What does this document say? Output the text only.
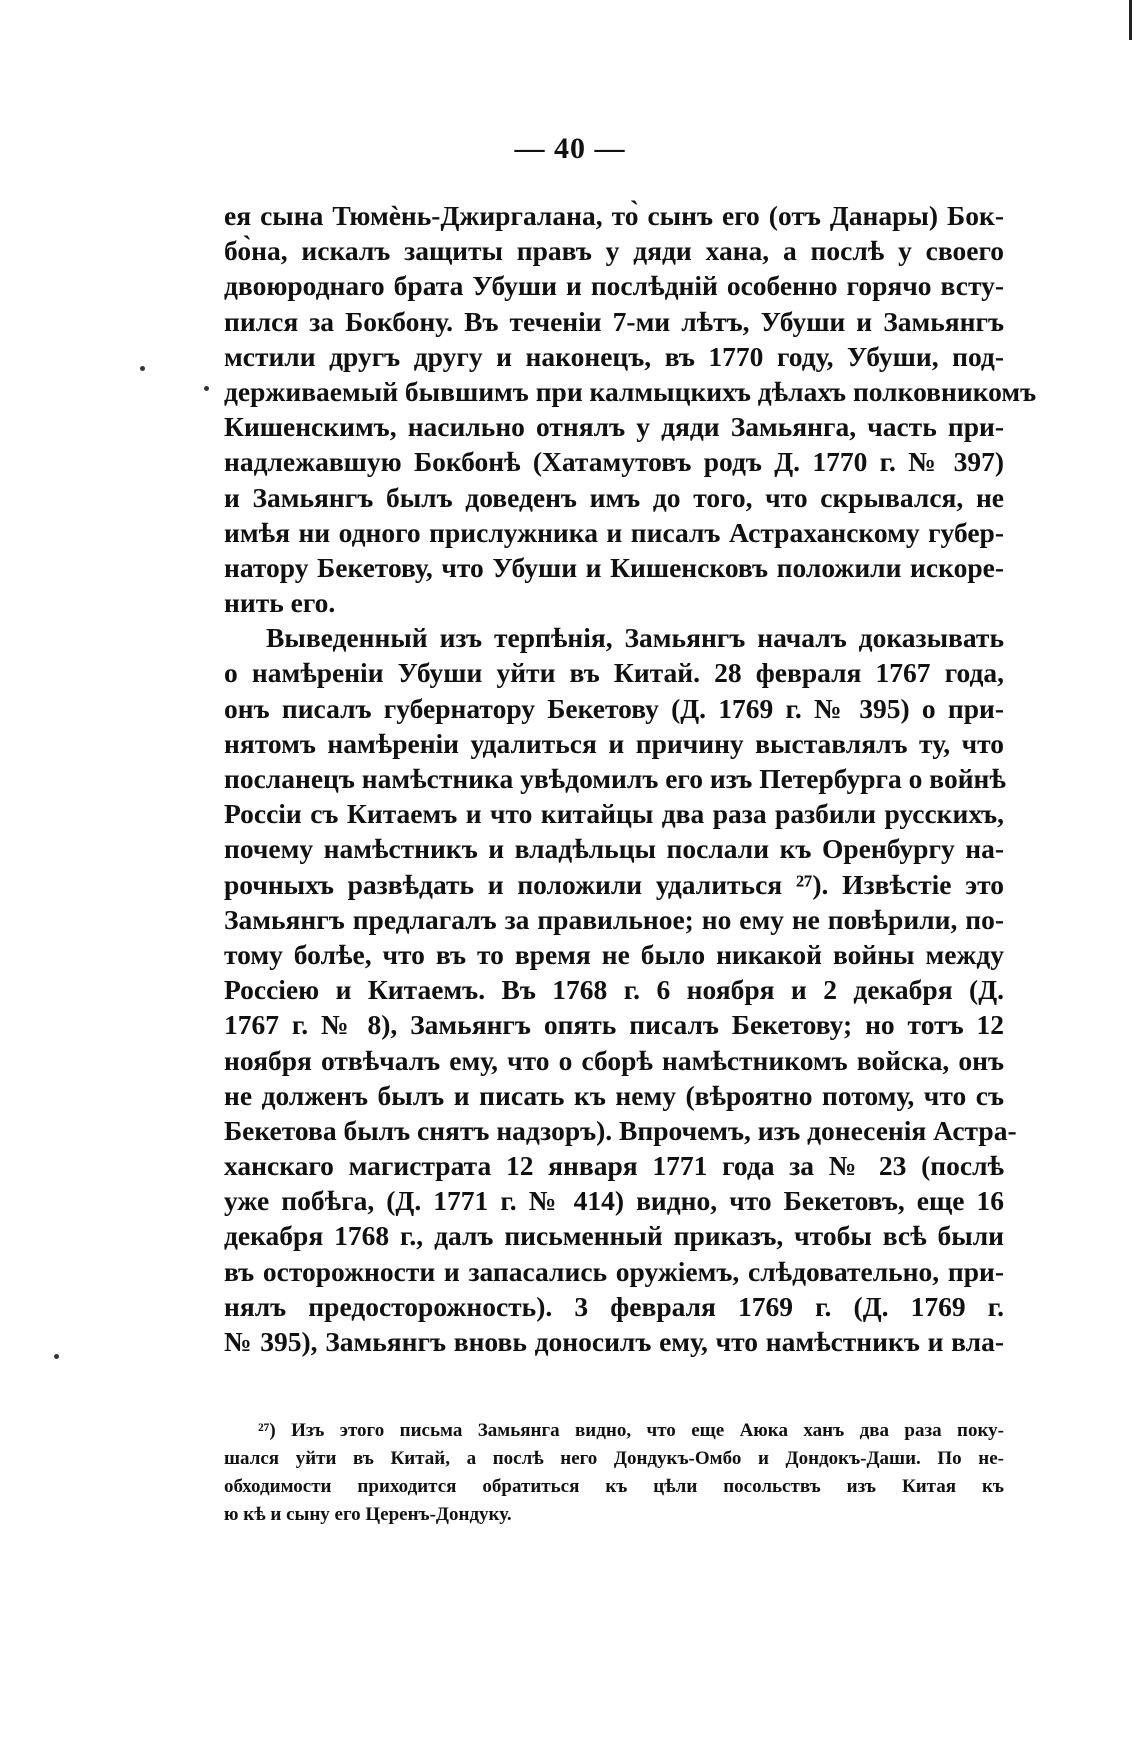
— 40 —
ея сына Тюмѐнь-Джиргалана, то̀ сынъ его (отъ Данары) Бок-
бо̀на, искалъ защиты правъ у дяди хана, а послѣ у своего
двоюроднаго брата Убуши и послѣднiй особенно горячо всту-
пился за Бокбону. Въ теченiи 7-ми лѣтъ, Убуши и Замьянгъ
мстили другъ другу и наконецъ, въ 1770 году, Убуши, под-
держиваемый бывшимъ при калмыцкихъ дѣлахъ полковникомъ
Кишенскимъ, насильно отнялъ у дяди Замьянга, часть при-
надлежавшую Бокбонѣ (Хатамутовъ родъ Д. 1770 г. № 397)
и Замьянгъ былъ доведенъ имъ до того, что скрывался, не
имѣя ни одного прислужника и писалъ Астраханскому губер-
натору Бекетову, что Убуши и Кишенсковъ положили искоре-
нить его.
Выведенный изъ терпѣнiя, Замьянгъ началъ доказывать
о намѣренiи Убуши уйти въ Китай. 28 февраля 1767 года,
онъ писалъ губернатору Бекетову (Д. 1769 г. № 395) о при-
нятомъ намѣренiи удалиться и причину выставлялъ ту, что
посланецъ намѣстника увѣдомилъ его изъ Петербурга о войнѣ
Россiи съ Китаемъ и что китайцы два раза разбили русскихъ,
почему намѣстникъ и владѣльцы послали къ Оренбургу на-
рочныхъ развѣдать и положили удалиться ²⁷). Извѣстiе это
Замьянгъ предлагалъ за правильное; но ему не повѣрили, по-
тому болѣе, что въ то время не было никакой войны между
Россiею и Китаемъ. Въ 1768 г. 6 ноября и 2 декабря (Д.
1767 г. № 8), Замьянгъ опять писалъ Бекетову; но тотъ 12
ноября отвѣчалъ ему, что о сборѣ намѣстникомъ войска, онъ
не долженъ былъ и писать къ нему (вѣроятно потому, что съ
Бекетова былъ снятъ надзоръ). Впрочемъ, изъ донесенiя Астра-
ханскаго магистрата 12 января 1771 года за № 23 (послѣ
уже побѣга, (Д. 1771 г. № 414) видно, что Бекетовъ, еще 16
декабря 1768 г., далъ письменный приказъ, чтобы всѣ были
въ осторожности и запасались оружiемъ, слѣдовательно, при-
нялъ предосторожность). 3 февраля 1769 г. (Д. 1769 г.
№ 395), Замьянгъ вновь доносилъ ему, что намѣстникъ и вла-
²⁷) Изъ этого письма Замьянга видно, что еще Аюка ханъ два раза поку-
шался уйти въ Китай, а послѣ него Дондукъ-Омбо и Дондокъ-Даши. По не-
обходимости приходится обратиться къ цѣли посольствъ изъ Китая къ
ю кѣ и сыну его Церенъ-Дондуку.
